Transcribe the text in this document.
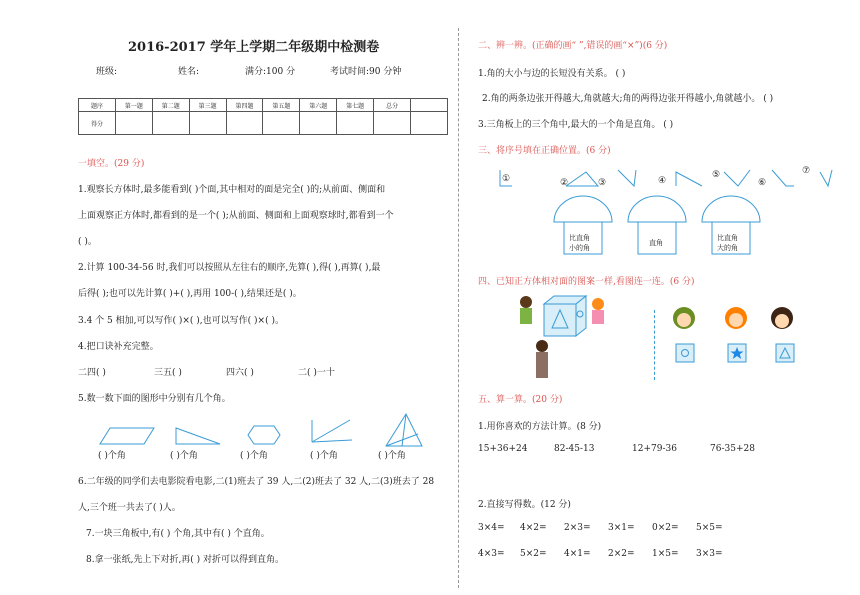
2016-2017 学年上学期二年级期中检测卷
班级:	姓名:	满分:100 分	考试时间:90 分钟
题序	第一题	第二题	第三题	第四题	第五题	第六题	第七题	总分	
得分									
一填空。(29 分)
1.观察长方体时,最多能看到( )个面,其中相对的面是完全( )的;从前面、侧面和
上面观察正方体时,都看到的是一个( );从前面、侧面和上面观察球时,都看到一个
( )。
2.计算 100-34-56 时,我们可以按照从左往右的顺序,先算( ),得( ),再算( ),最
后得( );也可以先计算( )+( ),再用 100-( ),结果还是( )。
3.4 个 5 相加,可以写作( )×( ),也可以写作( )×( )。
4.把口诀补充完整。
二四( )	三五( )	四六( )	二( )一十
5.数一数下面的图形中分别有几个角。
( )个角	( )个角	( )个角	( )个角	( )个角
6.二年级的同学们去电影院看电影,二(1)班去了 39 人,二(2)班去了 32 人,二(3)班去了 28
人,三个班一共去了( )人。
7.一块三角板中,有( ) 个角,其中有( ) 个直角。
8.拿一张纸,先上下对折,再( ) 对折可以得到直角。
二、辨一辨。(正确的画“ ”,错误的画“×”)(6 分)
1.角的大小与边的长短没有关系。 ( )
2.角的两条边张开得越大,角就越大;角的两得边张开得越小,角就越小。 ( )
3.三角板上的三个角中,最大的一个角是直角。 ( )
三、将序号填在正确位置。(6 分)
①	②	③	④
⑤
⑥
⑦
比直角
小的角
直角
比直角
大的角
四、已知正方体相对面的图案一样,看图连一连。(6 分)
五、算一算。(20 分)
1.用你喜欢的方法计算。(8 分)
15+36+24	82-45-13	12+79-36	76-35+28
2.直接写得数。(12 分)
3×4= 4×2= 2×3= 3×1= 0×2= 5×5=
4×3= 5×2= 4×1= 2×2= 1×5= 3×3=
